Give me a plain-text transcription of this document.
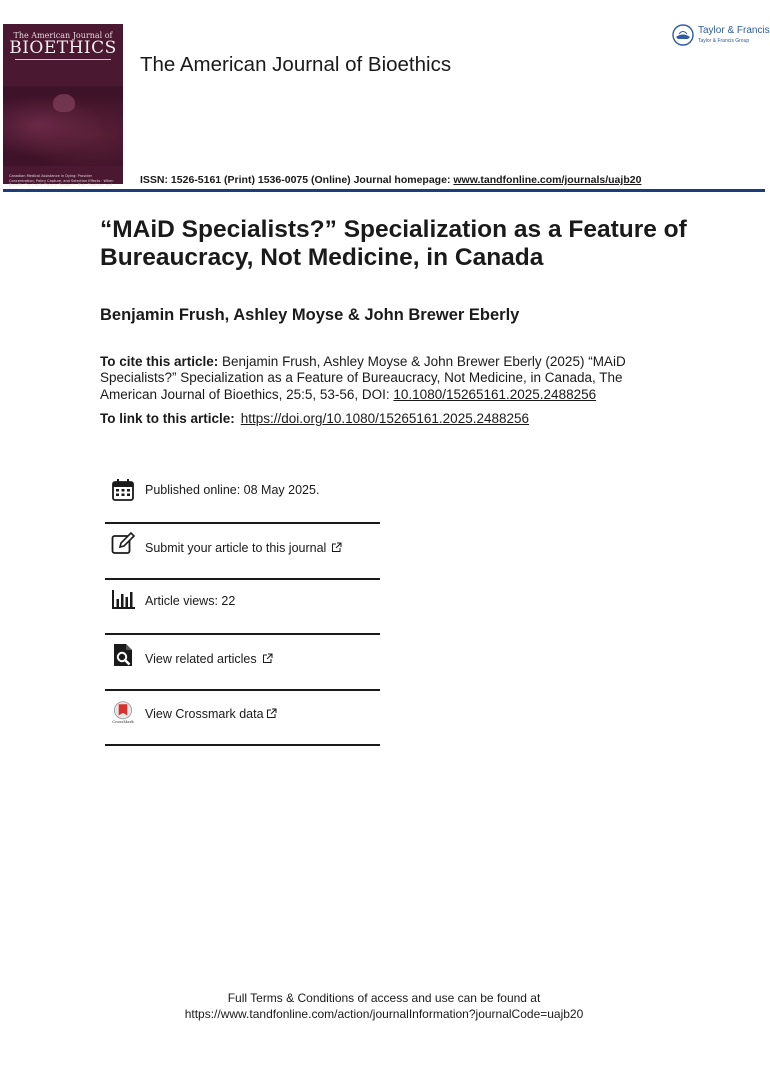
The American Journal of
BIOETHICS
Canadian Medical Assistance in Dying: Provider Concentration, Policy Capture, and Selection Effects · When Benefits Can Justify Risks in Research · Risk, Bioethics, and
The American Journal of Bioethics
Taylor & Francis
Taylor & Francis Group
ISSN: 1526-5161 (Print) 1536-0075 (Online) Journal homepage: www.tandfonline.com/journals/uajb20
“MAiD Specialists?” Specialization as a Feature of Bureaucracy, Not Medicine, in Canada
Benjamin Frush, Ashley Moyse & John Brewer Eberly
To cite this article: Benjamin Frush, Ashley Moyse & John Brewer Eberly (2025) “MAiD Specialists?” Specialization as a Feature of Bureaucracy, Not Medicine, in Canada, The American Journal of Bioethics, 25:5, 53-56, DOI: 10.1080/15265161.2025.2488256
To link to this article: https://doi.org/10.1080/15265161.2025.2488256
Published online: 08 May 2025.
Submit your article to this journal
Article views: 22
View related articles
CrossMark
View Crossmark data
Full Terms & Conditions of access and use can be found at
https://www.tandfonline.com/action/journalInformation?journalCode=uajb20
